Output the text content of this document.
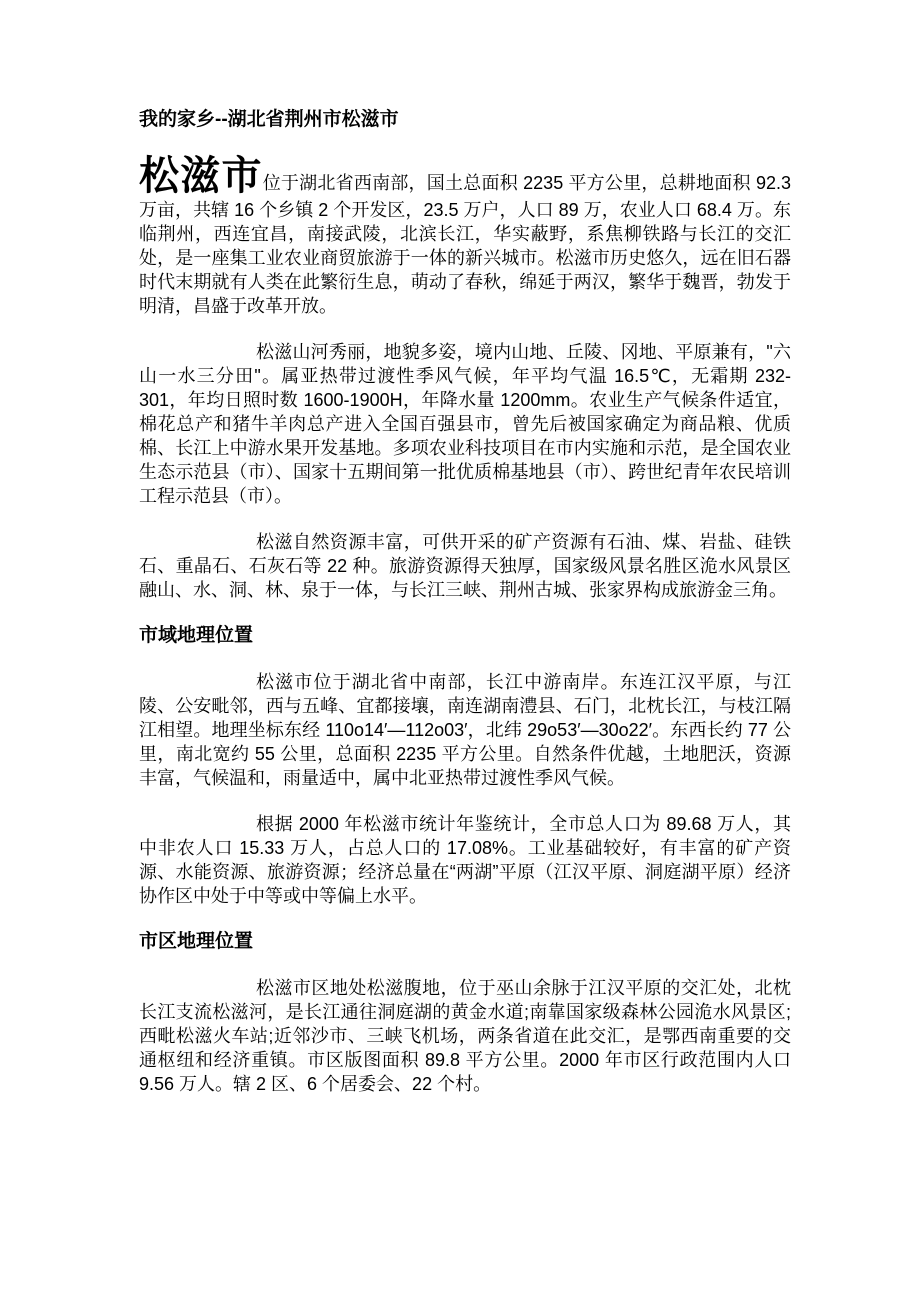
我的家乡--湖北省荆州市松滋市

松滋市位于湖北省西南部，国土总面积 2235 平方公里，总耕地面积 92.3 万亩，共辖 16 个乡镇 2 个开发区，23.5 万户，人口 89 万，农业人口 68.4 万。东临荆州，西连宜昌，南接武陵，北滨长江，华实蔽野，系焦柳铁路与长江的交汇处，是一座集工业农业商贸旅游于一体的新兴城市。松滋市历史悠久，远在旧石器时代末期就有人类在此繁衍生息，萌动了春秋，绵延于两汉，繁华于魏晋，勃发于明清，昌盛于改革开放。

松滋山河秀丽，地貌多姿，境内山地、丘陵、冈地、平原兼有，"六山一水三分田"。属亚热带过渡性季风气候，年平均气温 16.5℃，无霜期 232-301，年均日照时数 1600-1900H，年降水量 1200mm。农业生产气候条件适宜，棉花总产和猪牛羊肉总产进入全国百强县市，曾先后被国家确定为商品粮、优质棉、长江上中游水果开发基地。多项农业科技项目在市内实施和示范，是全国农业生态示范县（市）、国家十五期间第一批优质棉基地县（市）、跨世纪青年农民培训工程示范县（市）。

松滋自然资源丰富，可供开采的矿产资源有石油、煤、岩盐、硅铁石、重晶石、石灰石等 22 种。旅游资源得天独厚，国家级风景名胜区洈水风景区融山、水、洞、林、泉于一体，与长江三峡、荆州古城、张家界构成旅游金三角。

市域地理位置

松滋市位于湖北省中南部，长江中游南岸。东连江汉平原，与江陵、公安毗邻，西与五峰、宜都接壤，南连湖南澧县、石门，北枕长江，与枝江隔江相望。地理坐标东经 110o14′—112o03′，北纬 29o53′—30o22′。东西长约 77 公里，南北宽约 55 公里，总面积 2235 平方公里。自然条件优越，土地肥沃，资源丰富，气候温和，雨量适中，属中北亚热带过渡性季风气候。

根据 2000 年松滋市统计年鉴统计，全市总人口为 89.68 万人，其中非农人口 15.33 万人，占总人口的 17.08%。工业基础较好，有丰富的矿产资源、水能资源、旅游资源；经济总量在“两湖”平原（江汉平原、洞庭湖平原）经济协作区中处于中等或中等偏上水平。

市区地理位置

松滋市区地处松滋腹地，位于巫山余脉于江汉平原的交汇处，北枕长江支流松滋河，是长江通往洞庭湖的黄金水道;南靠国家级森林公园洈水风景区;西毗松滋火车站;近邻沙市、三峡飞机场，两条省道在此交汇，是鄂西南重要的交通枢纽和经济重镇。市区版图面积 89.8 平方公里。2000 年市区行政范围内人口 9.56 万人。辖 2 区、6 个居委会、22 个村。
